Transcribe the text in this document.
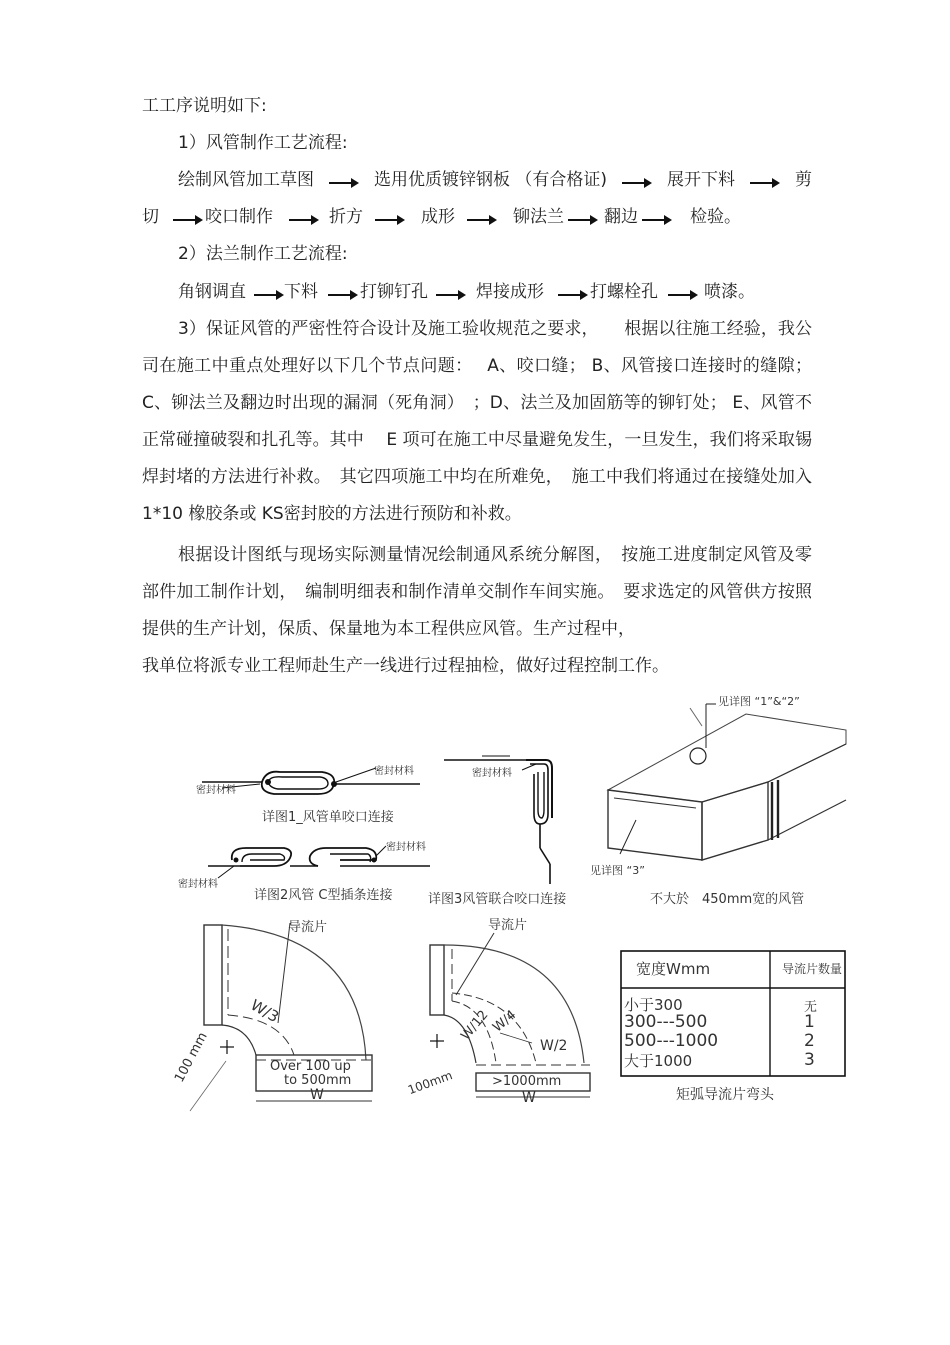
工工序说明如下:
1）风管制作工艺流程:
绘制风管加工草图	选用优质镀锌钢板 （有合格证)	展开下料	剪
切	咬口制作	折方	成形	铆法兰 翻边	检验。
2）法兰制作工艺流程:
角钢调直 下料 打铆钉孔	焊接成形	打螺栓孔	喷漆。
3）保证风管的严密性符合设计及施工验收规范之要求，　　根据以往施工经验，我公司在施工中重点处理好以下几个节点问题：　 A、咬口缝； B、风管接口连接时的缝隙； C、铆法兰及翻边时出现的漏洞（死角洞）　；D、法兰及加固筋等的铆钉处； E、风管不正常碰撞破裂和扎孔等。其中　 E 项可在施工中尽量避免发生，一旦发生，我们将采取锡焊封堵的方法进行补救。　其它四项施工中均在所难免，　施工中我们将通过在接缝处加入　1*10 橡胶条或 KS密封胶的方法进行预防和补救。
根据设计图纸与现场实际测量情况绘制通风系统分解图，　按施工进度制定风管及零部件加工制作计划，　编制明细表和制作清单交制作车间实施。　要求选定的风管供方按照提供的生产计划，保质、保量地为本工程供应风管。生产过程中，
我单位将派专业工程师赴生产一线进行过程抽检，做好过程控制工作。
密封材料
密封材料
详图1_风管单咬口连接
密封材料
密封材料
详图2风管 C型插条连接
密封材料
详图3风管联合咬口连接
见详图 “1”&“2”
见详图 “3”
不大於　450mm宽的风管
导流片
W/3
100 mm	Over 100 up
to 500mm
W
导流片
W/12
W/4
W/2
100mm	>1000mm
W
宽度Wmm	导流片数量
小于300	无
300---500	1
500---1000	2
大于1000	3
矩弧导流片弯头
